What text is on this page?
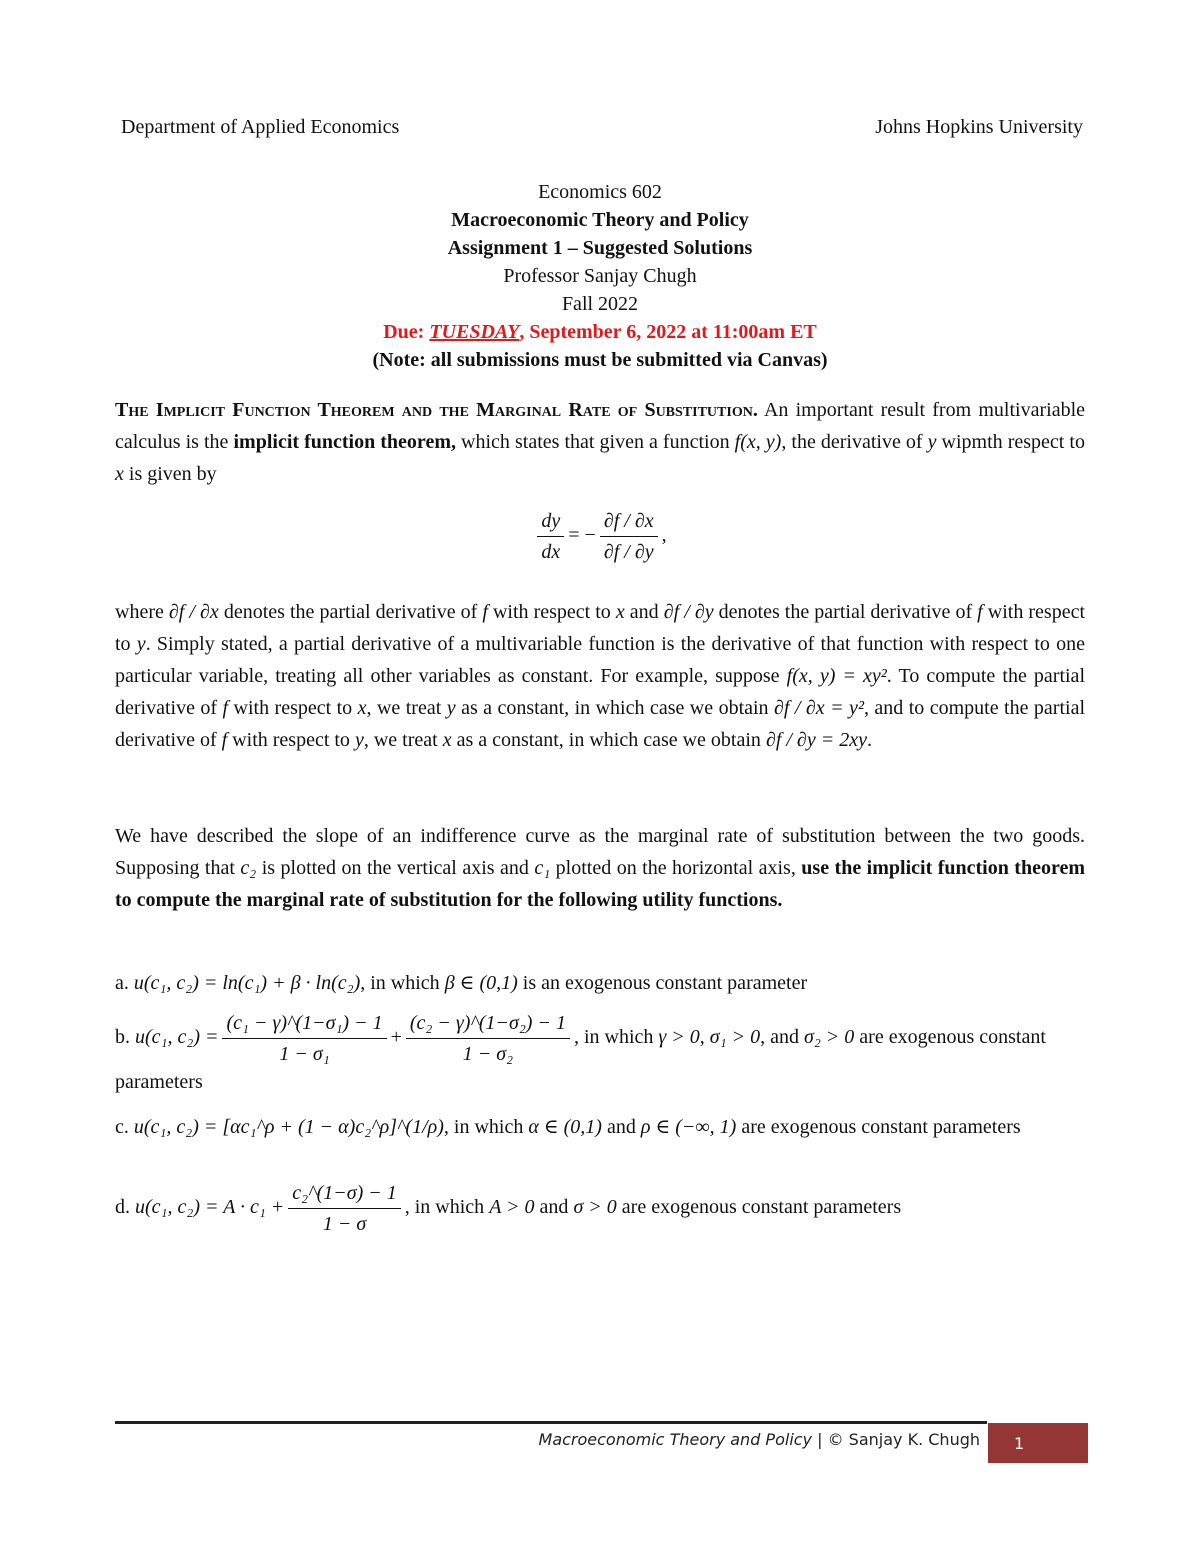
Department of Applied Economics	Johns Hopkins University
Economics 602
Macroeconomic Theory and Policy
Assignment 1 – Suggested Solutions
Professor Sanjay Chugh
Fall 2022
Due: TUESDAY, September 6, 2022 at 11:00am ET
(Note: all submissions must be submitted via Canvas)
The Implicit Function Theorem and the Marginal Rate of Substitution. An important result from multivariable calculus is the implicit function theorem, which states that given a function f(x, y), the derivative of y wipmth respect to x is given by
$\frac{dy}{dx}$ = − $\frac{\partial f / \partial x}{\partial f / \partial y}$ ,
where ∂f / ∂x denotes the partial derivative of f with respect to x and ∂f / ∂y denotes the partial derivative of f with respect to y. Simply stated, a partial derivative of a multivariable function is the derivative of that function with respect to one particular variable, treating all other variables as constant. For example, suppose f(x, y) = xy². To compute the partial derivative of f with respect to x, we treat y as a constant, in which case we obtain ∂f / ∂x = y², and to compute the partial derivative of f with respect to y, we treat x as a constant, in which case we obtain ∂f / ∂y = 2xy.
We have described the slope of an indifference curve as the marginal rate of substitution between the two goods. Supposing that c₂ is plotted on the vertical axis and c₁ plotted on the horizontal axis, use the implicit function theorem to compute the marginal rate of substitution for the following utility functions.
a. u(c₁, c₂) = ln(c₁) + β · ln(c₂), in which β ∈ (0,1) is an exogenous constant parameter
b. u(c₁, $c_2) = \frac{\text{(c₁ − γ)\textasciicircum{}(1−σ₁) − 1}}{\text{1 − σ₁}} + \frac{\text{(c₂ − γ)\textasciicircum{}(1−σ₂) − 1}}{\text{1 − σ₂}}$ , in which γ > 0, σ₁ > 0, and σ₂ > 0 are exogenous constant parameters
c. u(c₁, c₂) = [αc₁^ρ + (1 − α)c₂^ρ]^(1/ρ), in which α ∈ (0,1) and ρ ∈ (−∞, 1) are exogenous constant parameters
d. u(c₁, $c_2) = A \cdot c_1 + \frac{\text{c₂\textasciicircum{}(1−σ) − 1}}{1 - \sigma}$ , in which A > 0 and σ > 0 are exogenous constant parameters
Macroeconomic Theory and Policy | © Sanjay K. Chugh 1
